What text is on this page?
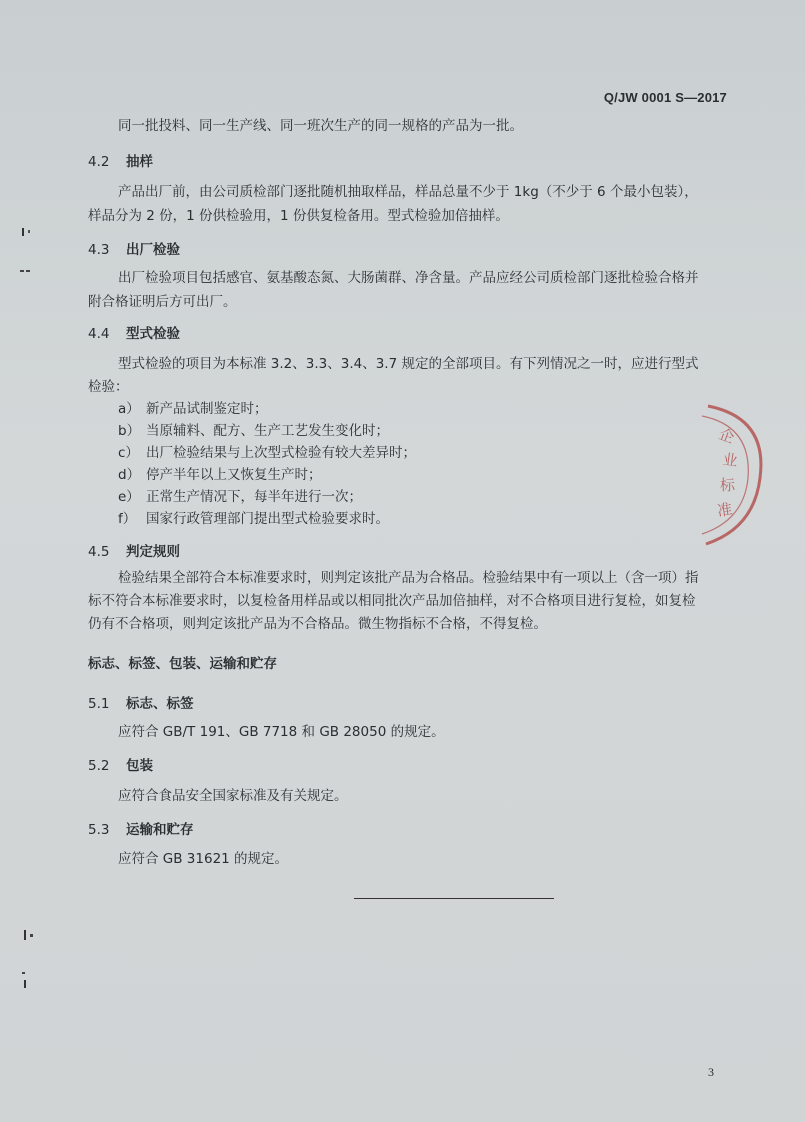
Q/JW 0001 S—2017
同一批投料、同一生产线、同一班次生产的同一规格的产品为一批。
4.2 抽样
产品出厂前，由公司质检部门逐批随机抽取样品，样品总量不少于 1kg（不少于 6 个最小包装），
样品分为 2 份，1 份供检验用，1 份供复检备用。型式检验加倍抽样。
4.3 出厂检验
出厂检验项目包括感官、氨基酸态氮、大肠菌群、净含量。产品应经公司质检部门逐批检验合格并
附合格证明后方可出厂。
4.4 型式检验
型式检验的项目为本标准 3.2、3.3、3.4、3.7 规定的全部项目。有下列情况之一时，应进行型式
检验：
a） 新产品试制鉴定时；
b） 当原辅料、配方、生产工艺发生变化时；
c） 出厂检验结果与上次型式检验有较大差异时；
d） 停产半年以上又恢复生产时；
e） 正常生产情况下，每半年进行一次；
f） 国家行政管理部门提出型式检验要求时。
4.5 判定规则
检验结果全部符合本标准要求时，则判定该批产品为合格品。检验结果中有一项以上（含一项）指
标不符合本标准要求时，以复检备用样品或以相同批次产品加倍抽样，对不合格项目进行复检，如复检
仍有不合格项，则判定该批产品为不合格品。微生物指标不合格，不得复检。
标志、标签、包装、运输和贮存
5.1 标志、标签
应符合 GB/T 191、GB 7718 和 GB 28050 的规定。
5.2 包装
应符合食品安全国家标准及有关规定。
5.3 运输和贮存
应符合 GB 31621 的规定。
3
企
业
标
准
